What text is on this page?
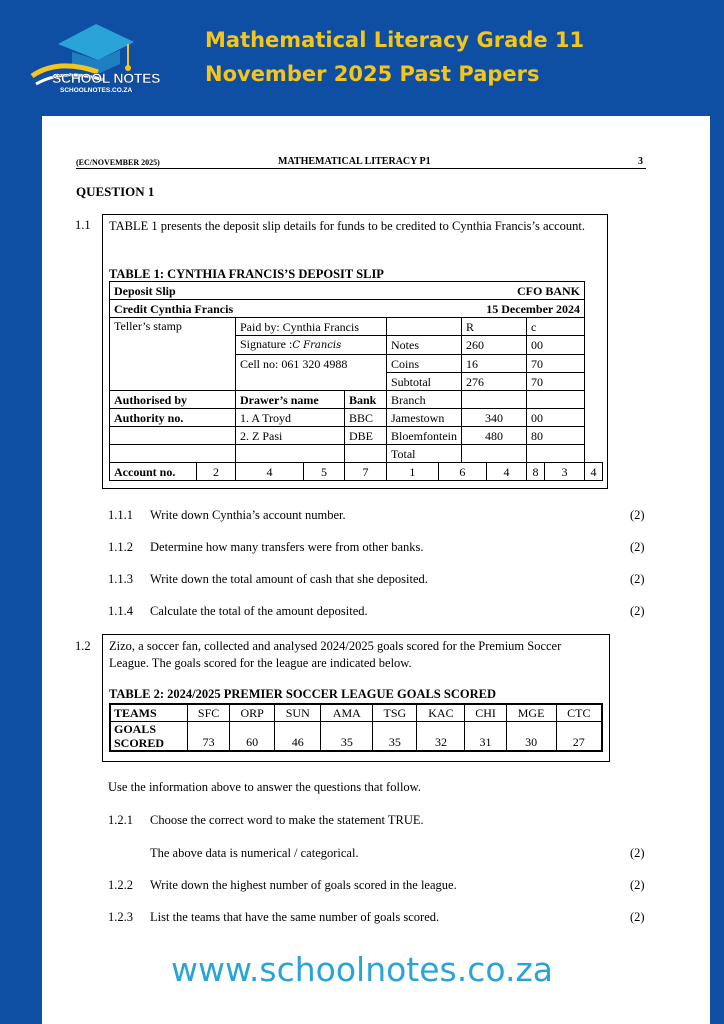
SCHOOL NOTES
SCHOOLNOTES.CO.ZA
Mathematical Literacy Grade 11
November 2025 Past Papers
(EC/NOVEMBER 2025)	MATHEMATICAL LITERACY P1	3
QUESTION 1
1.1 TABLE 1 presents the deposit slip details for funds to be credited to Cynthia Francis’s account.
TABLE 1: CYNTHIA FRANCIS’S DEPOSIT SLIP
Deposit Slip			CFO BANK									
Credit Cynthia Francis						15 December 2024						
Teller’s stamp		Paid by: Cynthia Francis						R		c		
		Signature :C Francis				Notes		260		00		
		Cell no: 061 320 4988				Coins		16		70		
						Subtotal		276		70		
Authorised by		Drawer’s name			Bank	Branch						
Authority no.		1. A Troyd			BBC	Jamestown		340		00		
		2. Z Pasi			DBE	Bloemfontein		480		80		
						Total						
Account no.	2	4		5	7	1	6		4	8	3	4
1.1.1 Write down Cynthia’s account number.	(2)
1.1.2 Determine how many transfers were from other banks.	(2)
1.1.3 Write down the total amount of cash that she deposited.	(2)
1.1.4 Calculate the total of the amount deposited.	(2)
1.2 Zizo, a soccer fan, collected and analysed 2024/2025 goals scored for the Premium Soccer League. The goals scored for the league are indicated below.
TABLE 2: 2024/2025 PREMIER SOCCER LEAGUE GOALS SCORED
TEAMS	SFC	ORP	SUN	AMA	TSG	KAC	CHI	MGE	CTC

GOALS
SCORED	73	60	46	35	35	32	31	30	27
Use the information above to answer the questions that follow.
1.2.1 Choose the correct word to make the statement TRUE.
The above data is numerical / categorical.	(2)
1.2.2 Write down the highest number of goals scored in the league.	(2)
1.2.3 List the teams that have the same number of goals scored.	(2)
www.schoolnotes.co.za
